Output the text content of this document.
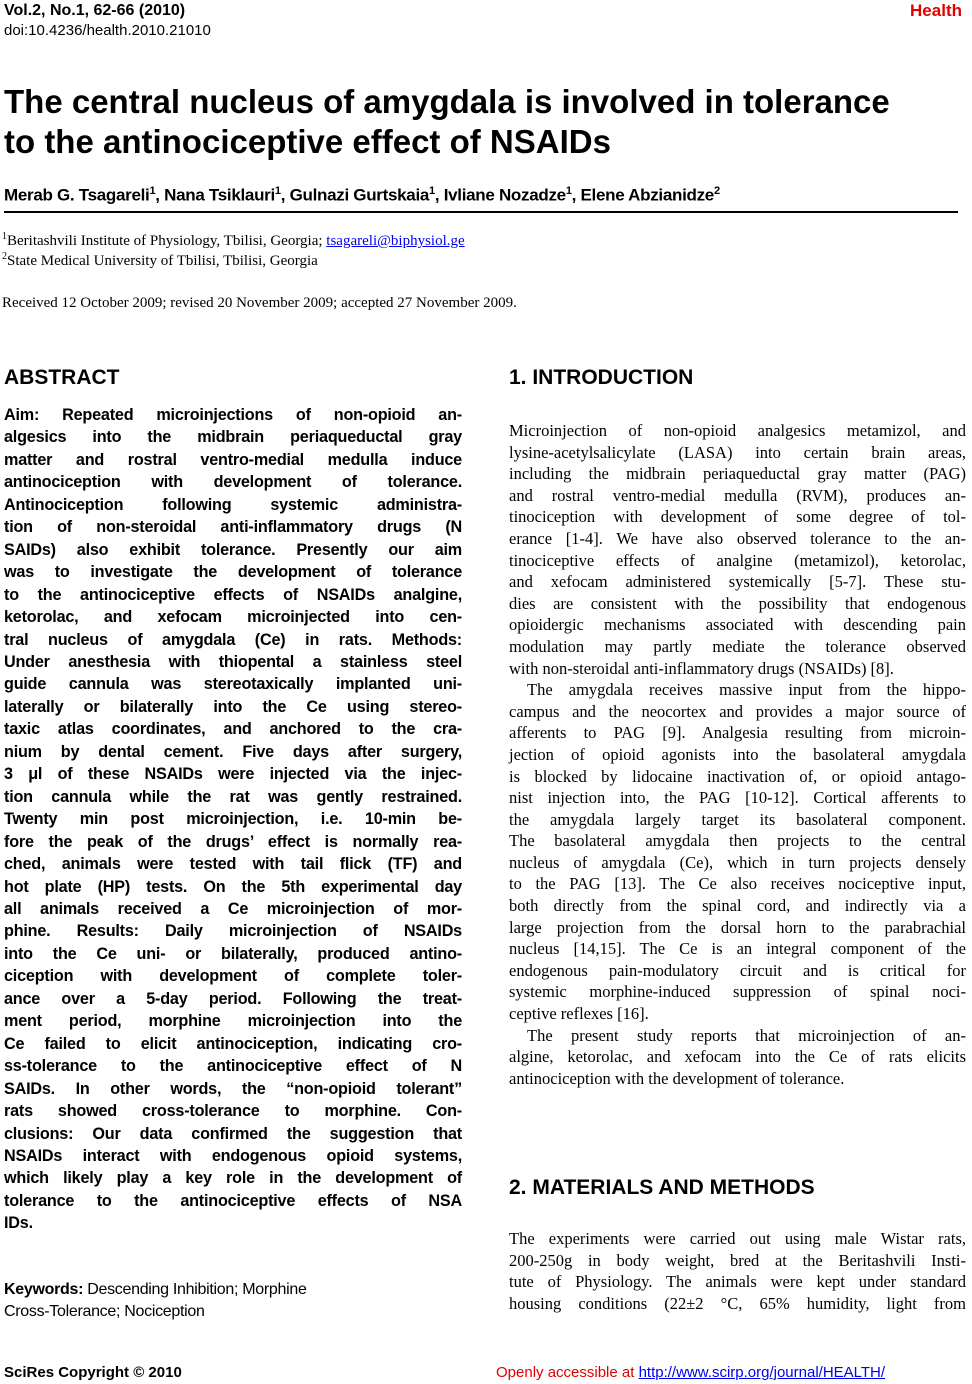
Vol.2, No.1, 62-66 (2010)
doi:10.4236/health.2010.21010
Health
The central nucleus of amygdala is involved in tolerance
to the antinociceptive effect of NSAIDs
Merab G. Tsagareli$^1$, Nana Tsiklauri$^1$, Gulnazi Gurtskaia$^1$, Ivliane Nozadze$^1$, Elene Abzianidze$^2$
$^1$Beritashvili Institute of Physiology, Tbilisi, Georgia; tsagareli@biphysiol.ge
$^2$State Medical University of Tbilisi, Tbilisi, Georgia
Received 12 October 2009; revised 20 November 2009; accepted 27 November 2009.
ABSTRACT
Aim: Repeated microinjections of non-opioid an-
algesics into the midbrain periaqueductal gray
matter and rostral ventro-medial medulla induce
antinociception with development of tolerance.
Antinociception following systemic administra-
tion of non-steroidal anti-inflammatory drugs (N
SAIDs) also exhibit tolerance. Presently our aim
was to investigate the development of tolerance
to the antinociceptive effects of NSAIDs analgine,
ketorolac, and xefocam microinjected into cen-
tral nucleus of amygdala (Ce) in rats. Methods:
Under anesthesia with thiopental a stainless steel
guide cannula was stereotaxically implanted uni-
laterally or bilaterally into the Ce using stereo-
taxic atlas coordinates, and anchored to the cra-
nium by dental cement. Five days after surgery,
3 μl of these NSAIDs were injected via the injec-
tion cannula while the rat was gently restrained.
Twenty min post microinjection, i.e. 10-min be-
fore the peak of the drugs’ effect is normally rea-
ched, animals were tested with tail flick (TF) and
hot plate (HP) tests. On the 5th experimental day
all animals received a Ce microinjection of mor-
phine. Results: Daily microinjection of NSAIDs
into the Ce uni- or bilaterally, produced antino-
ciception with development of complete toler-
ance over a 5-day period. Following the treat-
ment period, morphine microinjection into the
Ce failed to elicit antinociception, indicating cro-
ss-tolerance to the antinociceptive effect of N
SAIDs. In other words, the “non-opioid tolerant”
rats showed cross-tolerance to morphine. Con-
clusions: Our data confirmed the suggestion that
NSAIDs interact with endogenous opioid systems,
which likely play a key role in the development of
tolerance to the antinociceptive effects of NSA
IDs.
Keywords: Descending Inhibition; Morphine
Cross-Tolerance; Nociception
1. INTRODUCTION
Microinjection of non-opioid analgesics metamizol, and
lysine-acetylsalicylate (LASA) into certain brain areas,
including the midbrain periaqueductal gray matter (PAG)
and rostral ventro-medial medulla (RVM), produces an-
tinociception with development of some degree of tol-
erance [1-4]. We have also observed tolerance to the an-
tinociceptive effects of analgine (metamizol), ketorolac,
and xefocam administered systemically [5-7]. These stu-
dies are consistent with the possibility that endogenous
opioidergic mechanisms associated with descending pain
modulation may partly mediate the tolerance observed
with non-steroidal anti-inflammatory drugs (NSAIDs) [8].
The amygdala receives massive input from the hippo-
campus and the neocortex and provides a major source of
afferents to PAG [9]. Analgesia resulting from microin-
jection of opioid agonists into the basolateral amygdala
is blocked by lidocaine inactivation of, or opioid antago-
nist injection into, the PAG [10-12]. Cortical afferents to
the amygdala largely target its basolateral component.
The basolateral amygdala then projects to the central
nucleus of amygdala (Ce), which in turn projects densely
to the PAG [13]. The Ce also receives nociceptive input,
both directly from the spinal cord, and indirectly via a
large projection from the dorsal horn to the parabrachial
nucleus [14,15]. The Ce is an integral component of the
endogenous pain-modulatory circuit and is critical for
systemic morphine-induced suppression of spinal noci-
ceptive reflexes [16].
The present study reports that microinjection of an-
algine, ketorolac, and xefocam into the Ce of rats elicits
antinociception with the development of tolerance.
2. MATERIALS AND METHODS
The experiments were carried out using male Wistar rats,
200-250g in body weight, bred at the Beritashvili Insti-
tute of Physiology. The animals were kept under standard
housing conditions (22±2 °C, 65% humidity, light from
SciRes Copyright © 2010	Openly accessible at http://www.scirp.org/journal/HEALTH/
